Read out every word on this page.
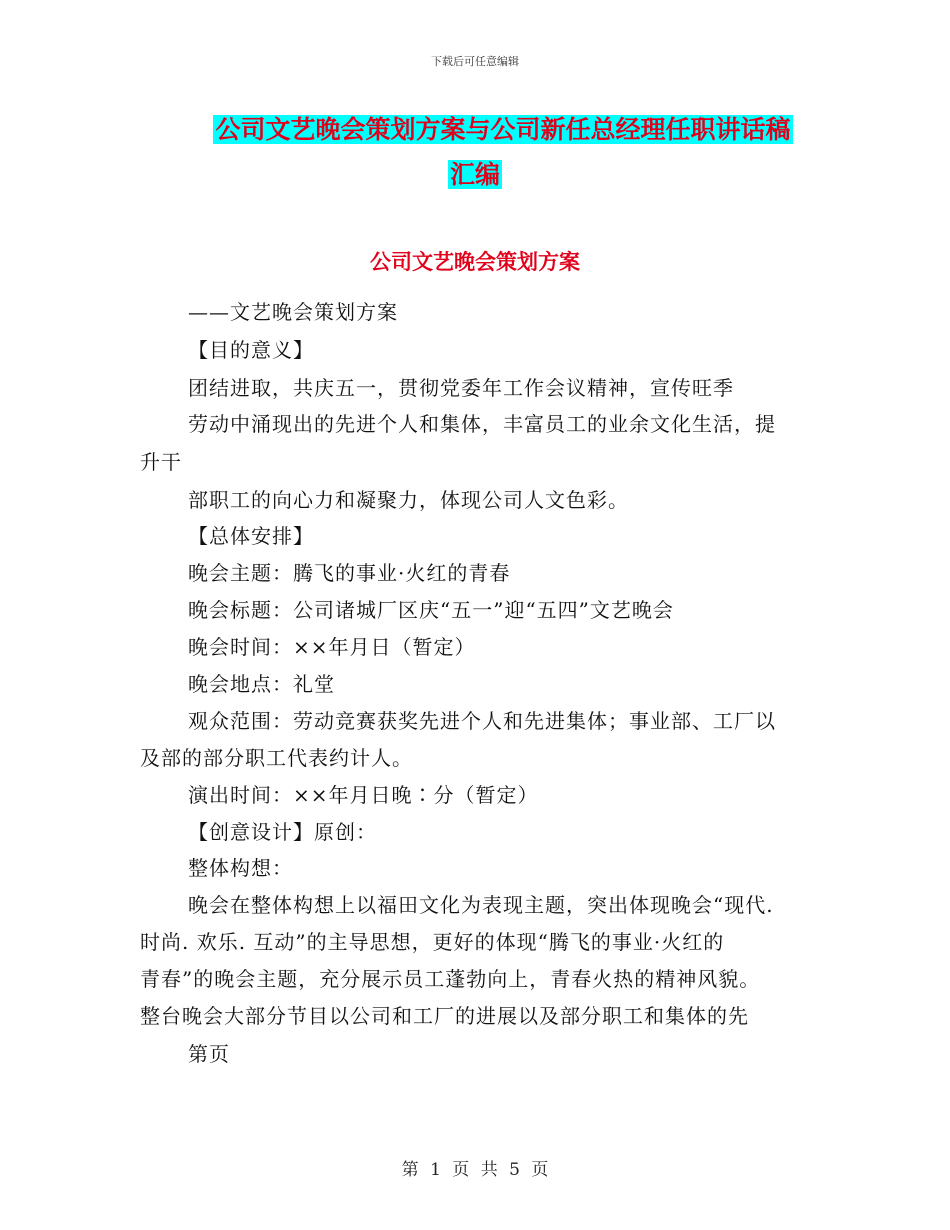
下载后可任意编辑
公司文艺晚会策划方案与公司新任总经理任职讲话稿
汇编
公司文艺晚会策划方案
——文艺晚会策划方案
【目的意义】
团结进取，共庆五一，贯彻党委年工作会议精神，宣传旺季
劳动中涌现出的先进个人和集体，丰富员工的业余文化生活，提
升干
部职工的向心力和凝聚力，体现公司人文色彩。
【总体安排】
晚会主题：腾飞的事业·火红的青春
晚会标题：公司诸城厂区庆“五一”迎“五四”文艺晚会
晚会时间：××年月日（暂定）
晚会地点：礼堂
观众范围：劳动竞赛获奖先进个人和先进集体；事业部、工厂以
及部的部分职工代表约计人。
演出时间：××年月日晚∶分（暂定）
【创意设计】原创：
整体构想：
晚会在整体构想上以福田文化为表现主题，突出体现晚会“现代.
时尚. 欢乐. 互动”的主导思想，更好的体现“腾飞的事业·火红的
青春”的晚会主题，充分展示员工蓬勃向上，青春火热的精神风貌。
整台晚会大部分节目以公司和工厂的进展以及部分职工和集体的先
第页
第 1 页 共 5 页
